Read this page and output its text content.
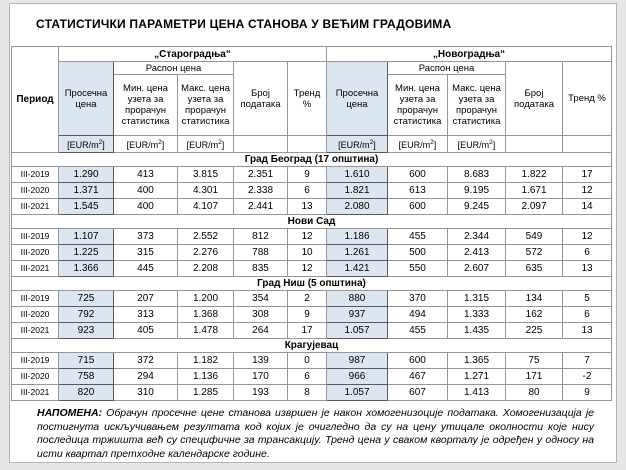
СТАТИСТИЧКИ ПАРАМЕТРИ ЦЕНА СТАНОВА У ВЕЋИМ ГРАДОВИМА
Период	„Староградња“					„Новоградња“				
	Просечна цена	Распон цена		Број података	Тренд %	Просечна цена	Распон цена		Број података	Тренд %
		Мин. цена узета за прорачун статистика	Макс. цена узета за прорачун статистика				Мин. цена узета за прорачун статистика	Макс. цена узета за прорачун статистика		
	$[EUR/m^2]$	$[EUR/m^2]$	$[EUR/m^2]$			$[EUR/m^2]$	$[EUR/m^2]$	$[EUR/m^2]$		
Град Београд (17 општина)										
III-2019	1.290	413	3.815	2.351	9	1.610	600	8.683	1.822	17
III-2020	1.371	400	4.301	2.338	6	1.821	613	9.195	1.671	12
III-2021	1.545	400	4.107	2.441	13	2.080	600	9.245	2.097	14
Нови Сад										
III-2019	1.107	373	2.552	812	12	1.186	455	2.344	549	12
III-2020	1.225	315	2.276	788	10	1.261	500	2.413	572	6
III-2021	1.366	445	2.208	835	12	1.421	550	2.607	635	13
Град Ниш (5 општина)										
III-2019	725	207	1.200	354	2	880	370	1.315	134	5
III-2020	792	313	1.368	308	9	937	494	1.333	162	6
III-2021	923	405	1.478	264	17	1.057	455	1.435	225	13
Крагујевац										
III-2019	715	372	1.182	139	0	987	600	1.365	75	7
III-2020	758	294	1.136	170	6	966	467	1.271	171	-2
III-2021	820	310	1.285	193	8	1.057	607	1.413	80	9
НАПОМЕНА: Обрачун просечне цене станова извршен је након хомогенизоције података. Хомогенизација је постигнута искључивањем резултата код којих је очигледно да су на цену утицале околности које нису последица тржишта већ су специфичне за трансакцију. Тренд цена у сваком кворталу је одређен у односу на исти квартал претходне календарске године.
